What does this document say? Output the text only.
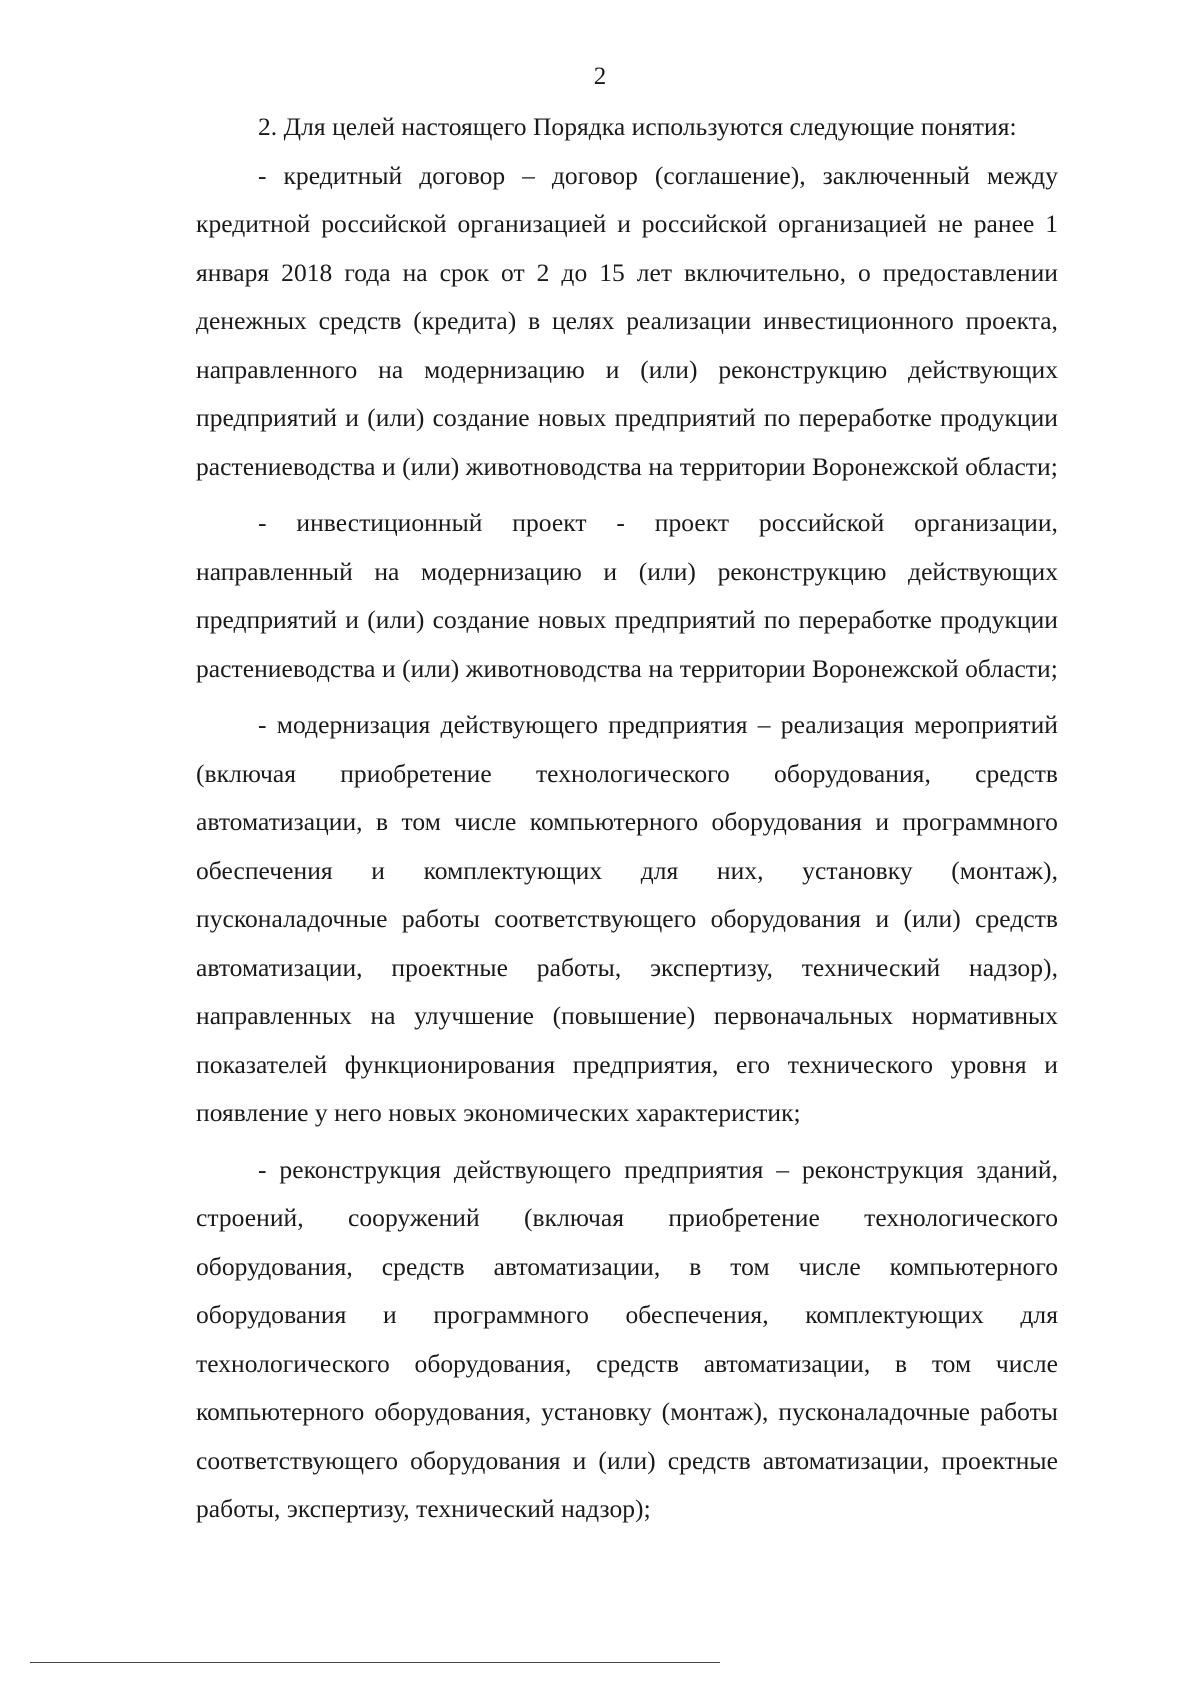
2

2. Для целей настоящего Порядка используются следующие понятия:

- кредитный договор – договор (соглашение), заключенный между кредитной российской организацией и российской организацией не ранее 1 января 2018 года на срок от 2 до 15 лет включительно, о предоставлении денежных средств (кредита) в целях реализации инвестиционного проекта, направленного на модернизацию и (или) реконструкцию действующих предприятий и (или) создание новых предприятий по переработке продукции растениеводства и (или) животноводства на территории Воронежской области;

- инвестиционный проект - проект российской организации, направленный на модернизацию и (или) реконструкцию действующих предприятий и (или) создание новых предприятий по переработке продукции растениеводства и (или) животноводства на территории Воронежской области;

- модернизация действующего предприятия – реализация мероприятий (включая приобретение технологического оборудования, средств автоматизации, в том числе компьютерного оборудования и программного обеспечения и комплектующих для них, установку (монтаж), пусконаладочные работы соответствующего оборудования и (или) средств автоматизации, проектные работы, экспертизу, технический надзор), направленных на улучшение (повышение) первоначальных нормативных показателей функционирования предприятия, его технического уровня и появление у него новых экономических характеристик;

- реконструкция действующего предприятия – реконструкция зданий, строений, сооружений (включая приобретение технологического оборудования, средств автоматизации, в том числе компьютерного оборудования и программного обеспечения, комплектующих для технологического оборудования, средств автоматизации, в том числе компьютерного оборудования, установку (монтаж), пусконаладочные работы соответствующего оборудования и (или) средств автоматизации, проектные работы, экспертизу, технический надзор);
